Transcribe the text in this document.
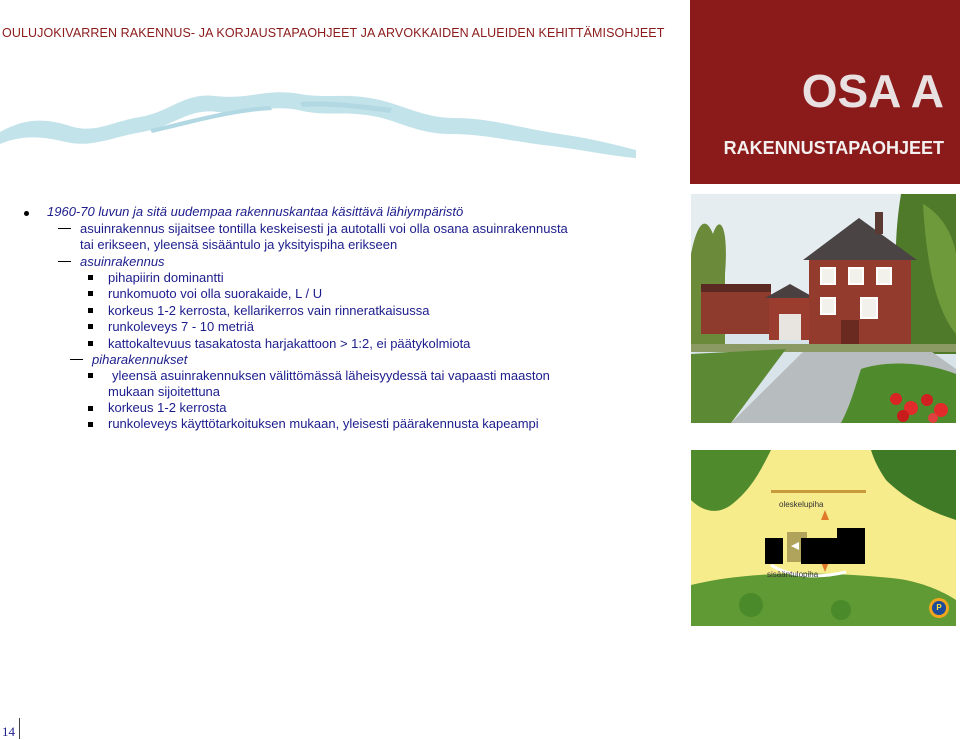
OULUJOKIVARREN RAKENNUS- JA KORJAUSTAPAOHJEET JA ARVOKKAIDEN ALUEIDEN KEHITTÄMISOHJEET
OSA A
RAKENNUSTAPAOHJEET
1960-70 luvun ja sitä uudempaa rakennuskantaa käsittävä lähiympäristö
asuinrakennus sijaitsee tontilla keskeisesti ja autotalli voi olla osana asuinrakennusta
tai erikseen, yleensä sisääntulo ja yksityispiha erikseen
asuinrakennus
pihapiirin dominantti
runkomuoto voi olla suorakaide, L / U
korkeus 1-2 kerrosta, kellarikerros vain rinneratkaisussa
runkoleveys 7 - 10 metriä
kattokaltevuus tasakatosta harjakattoon > 1:2, ei päätykolmiota
piharakennukset
yleensä asuinrakennuksen välittömässä läheisyydessä tai vapaasti maaston
mukaan sijoitettuna
korkeus 1-2 kerrosta
runkoleveys käyttötarkoituksen mukaan, yleisesti päärakennusta kapeampi
oleskelupiha
sisääntulopiha
P
14
